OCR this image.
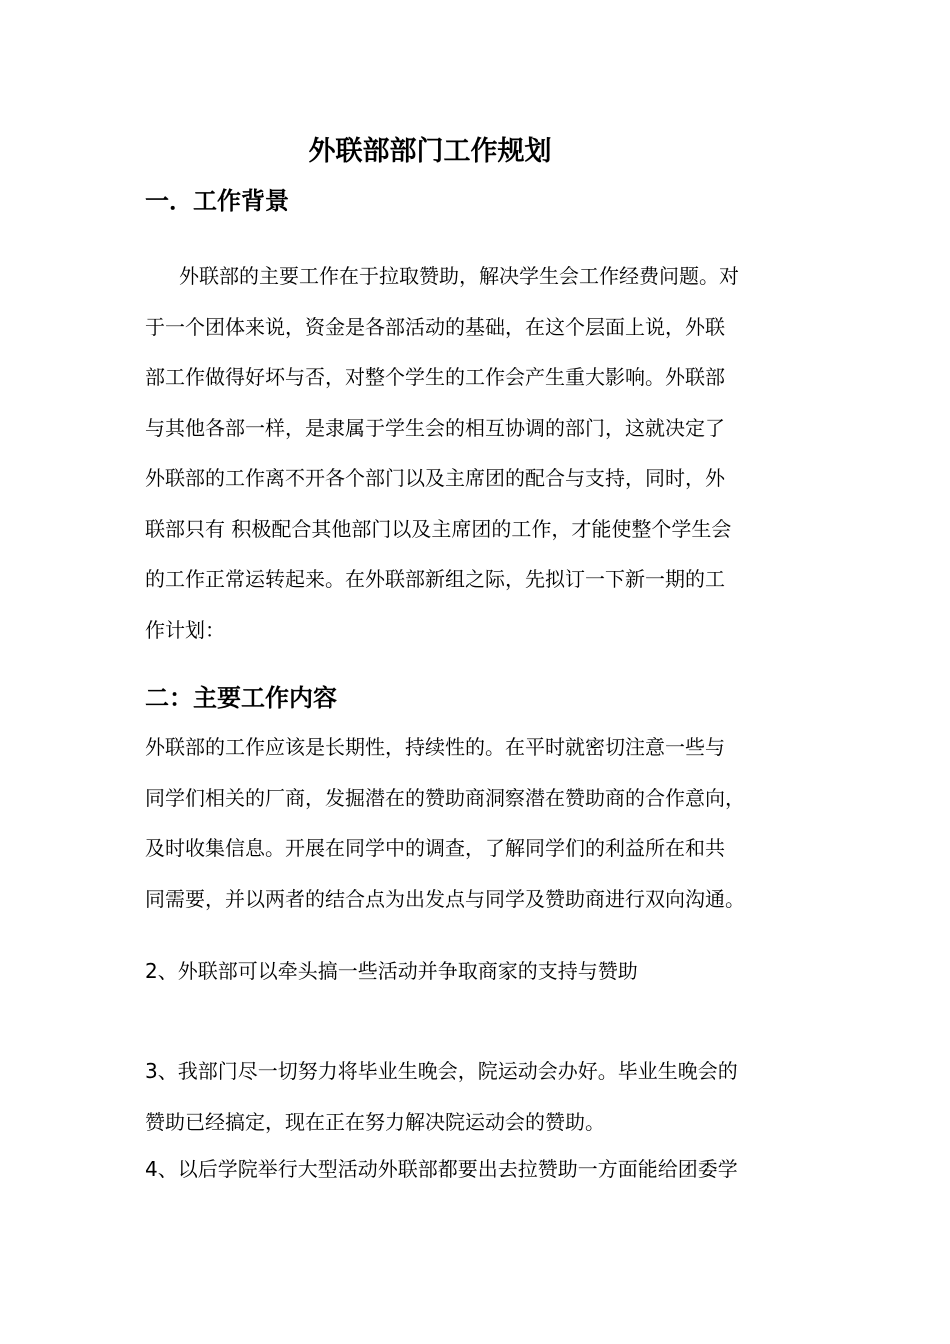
外联部部门工作规划
一．工作背景
外联部的主要工作在于拉取赞助，解决学生会工作经费问题。对
于一个团体来说，资金是各部活动的基础，在这个层面上说，外联
部工作做得好坏与否，对整个学生的工作会产生重大影响。外联部
与其他各部一样，是隶属于学生会的相互协调的部门，这就决定了
外联部的工作离不开各个部门以及主席团的配合与支持，同时，外
联部只有 积极配合其他部门以及主席团的工作，才能使整个学生会
的工作正常运转起来。在外联部新组之际，先拟订一下新一期的工
作计划：
二：主要工作内容
外联部的工作应该是长期性，持续性的。在平时就密切注意一些与
同学们相关的厂商，发掘潜在的赞助商洞察潜在赞助商的合作意向，
及时收集信息。开展在同学中的调查，了解同学们的利益所在和共
同需要，并以两者的结合点为出发点与同学及赞助商进行双向沟通。
2、外联部可以牵头搞一些活动并争取商家的支持与赞助
3、我部门尽一切努力将毕业生晚会，院运动会办好。毕业生晚会的
赞助已经搞定，现在正在努力解决院运动会的赞助。
4、以后学院举行大型活动外联部都要出去拉赞助一方面能给团委学
